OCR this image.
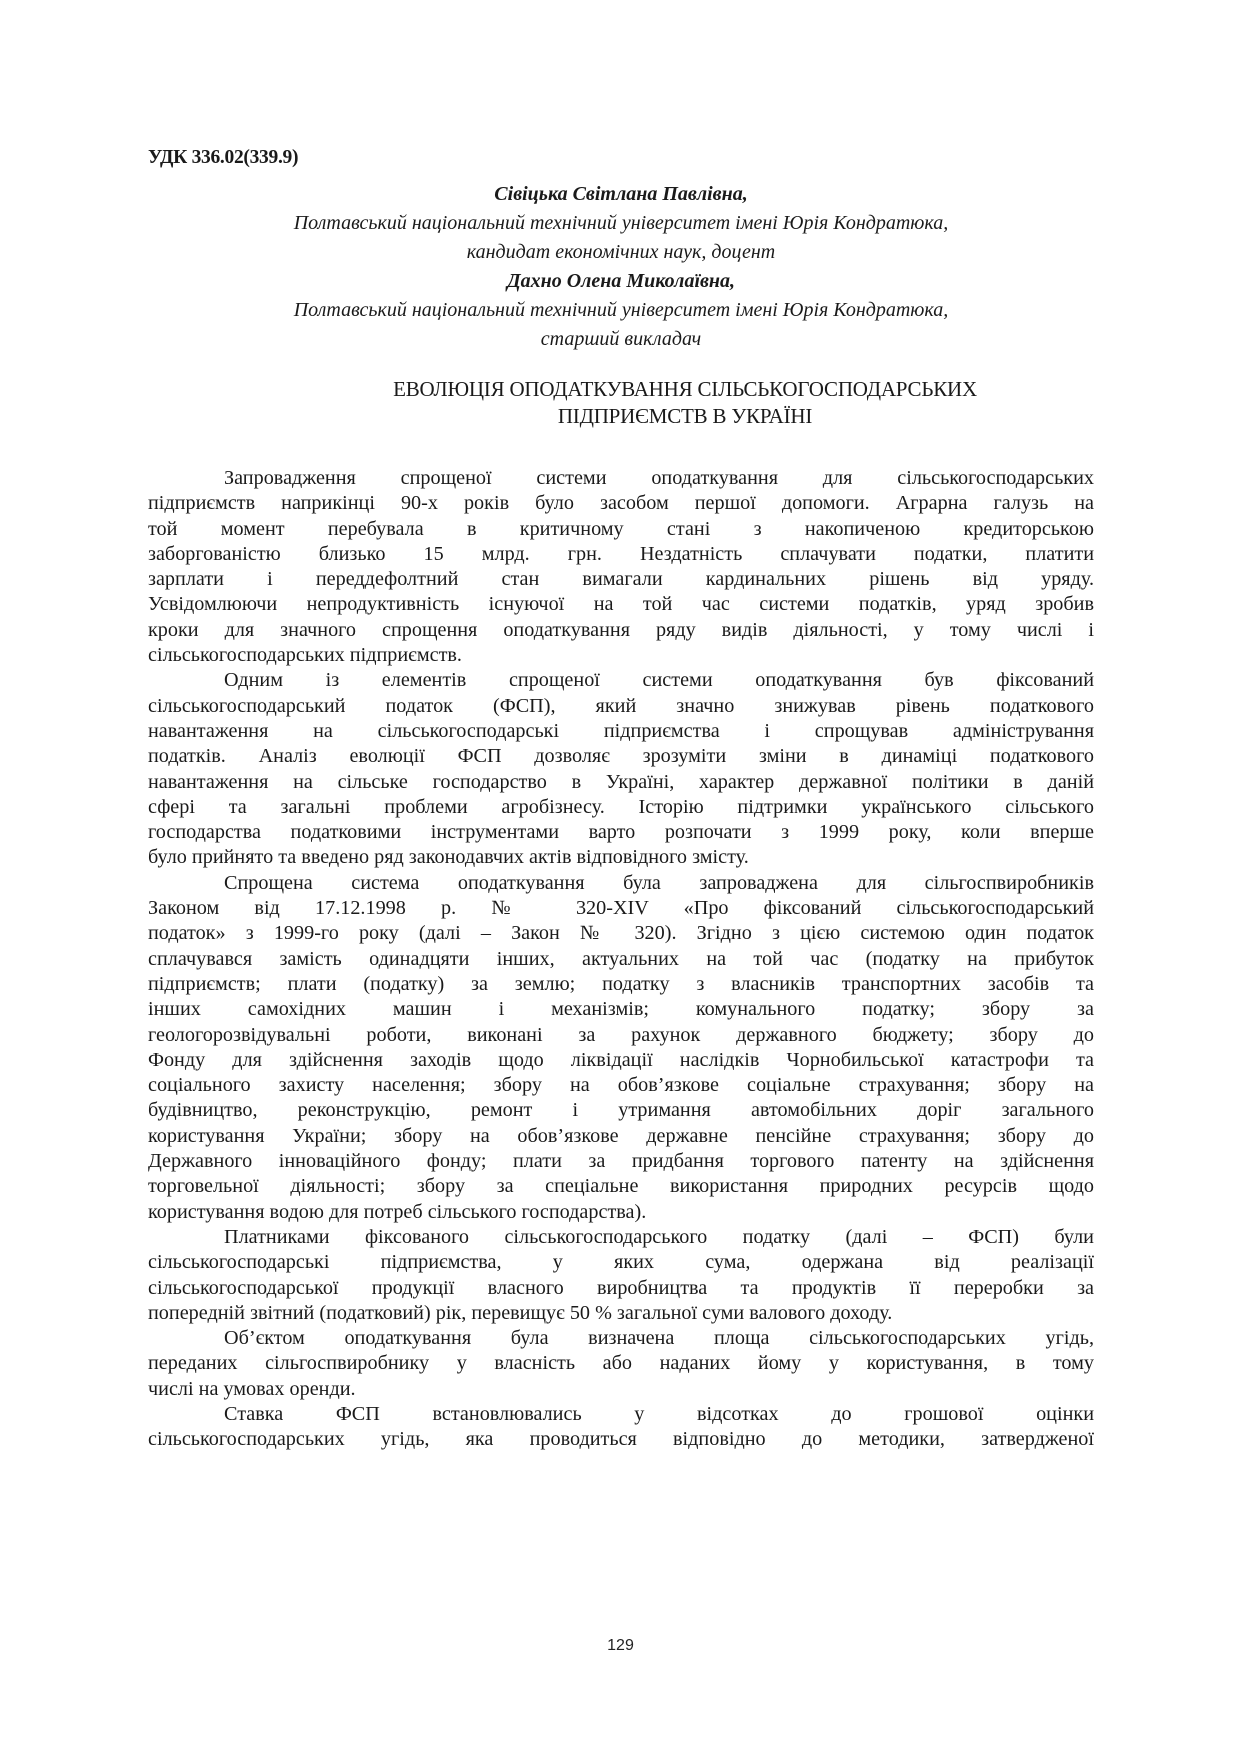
УДК 336.02(339.9)
Сівіцька Світлана Павлівна,
Полтавський національний технічний університет імені Юрія Кондратюка,
кандидат економічних наук, доцент
Дахно Олена Миколаївна,
Полтавський національний технічний університет імені Юрія Кондратюка,
старший викладач
ЕВОЛЮЦІЯ ОПОДАТКУВАННЯ СІЛЬСЬКОГОСПОДАРСЬКИХ
ПІДПРИЄМСТВ В УКРАЇНІ
Запровадження спрощеної системи оподаткування для сільськогосподарських
підприємств наприкінці 90-х років було засобом першої допомоги. Аграрна галузь на
той момент перебувала в критичному стані з накопиченою кредиторською
заборгованістю близько 15 млрд. грн. Нездатність сплачувати податки, платити
зарплати і переддефолтний стан вимагали кардинальних рішень від уряду.
Усвідомлюючи непродуктивність існуючої на той час системи податків, уряд зробив
кроки для значного спрощення оподаткування ряду видів діяльності, у тому числі і
сільськогосподарських підприємств.
Одним із елементів спрощеної системи оподаткування був фіксований
сільськогосподарський податок (ФСП), який значно знижував рівень податкового
навантаження на сільськогосподарські підприємства і спрощував адміністрування
податків. Аналіз еволюції ФСП дозволяє зрозуміти зміни в динаміці податкового
навантаження на сільське господарство в Україні, характер державної політики в даній
сфері та загальні проблеми агробізнесу. Історію підтримки українського сільського
господарства податковими інструментами варто розпочати з 1999 року, коли вперше
було прийнято та введено ряд законодавчих актів відповідного змісту.
Спрощена система оподаткування була запроваджена для сільгоспвиробників
Законом від 17.12.1998 р. № 320-XIV «Про фіксований сільськогосподарський
податок» з 1999-го року (далі – Закон № 320). Згідно з цією системою один податок
сплачувався замість одинадцяти інших, актуальних на той час (податку на прибуток
підприємств; плати (податку) за землю; податку з власників транспортних засобів та
інших самохідних машин і механізмів; комунального податку; збору за
геологорозвідувальні роботи, виконані за рахунок державного бюджету; збору до
Фонду для здійснення заходів щодо ліквідації наслідків Чорнобильської катастрофи та
соціального захисту населення; збору на обов’язкове соціальне страхування; збору на
будівництво, реконструкцію, ремонт і утримання автомобільних доріг загального
користування України; збору на обов’язкове державне пенсійне страхування; збору до
Державного інноваційного фонду; плати за придбання торгового патенту на здійснення
торговельної діяльності; збору за спеціальне використання природних ресурсів щодо
користування водою для потреб сільського господарства).
Платниками фіксованого сільськогосподарського податку (далі – ФСП) були
сільськогосподарські підприємства, у яких сума, одержана від реалізації
сільськогосподарської продукції власного виробництва та продуктів її переробки за
попередній звітний (податковий) рік, перевищує 50 % загальної суми валового доходу.
Об’єктом оподаткування була визначена площа сільськогосподарських угідь,
переданих сільгоспвиробнику у власність або наданих йому у користування, в тому
числі на умовах оренди.
Ставка ФСП встановлювались у відсотках до грошової оцінки
сільськогосподарських угідь, яка проводиться відповідно до методики, затвердженої
129
